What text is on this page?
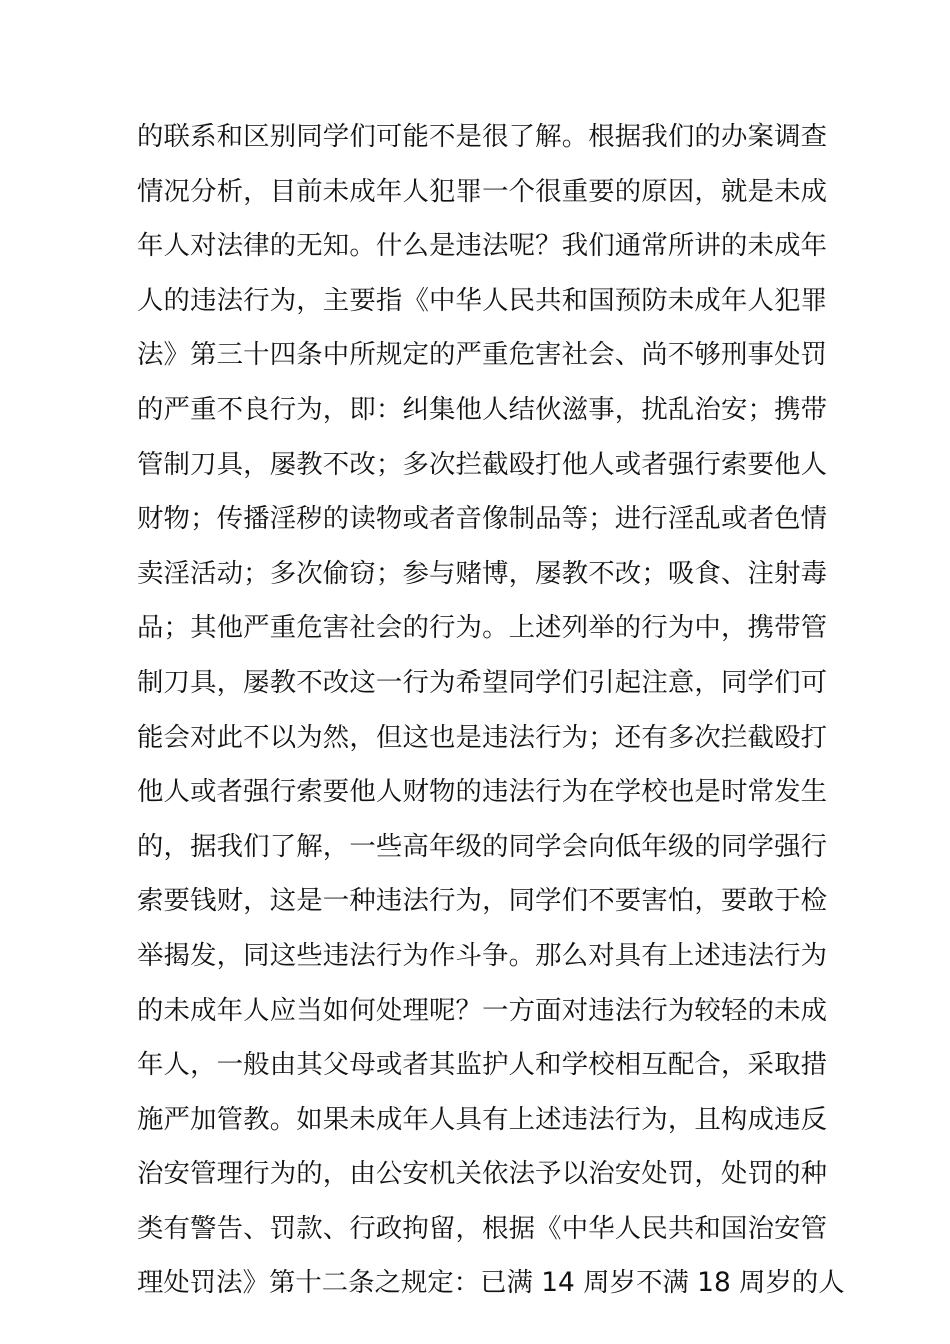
的联系和区别同学们可能不是很了解。根据我们的办案调查
情况分析，目前未成年人犯罪一个很重要的原因，就是未成
年人对法律的无知。什么是违法呢？我们通常所讲的未成年
人的违法行为，主要指《中华人民共和国预防未成年人犯罪
法》第三十四条中所规定的严重危害社会、尚不够刑事处罚
的严重不良行为，即：纠集他人结伙滋事，扰乱治安；携带
管制刀具，屡教不改；多次拦截殴打他人或者强行索要他人
财物；传播淫秽的读物或者音像制品等；进行淫乱或者色情
卖淫活动；多次偷窃；参与赌博，屡教不改；吸食、注射毒
品；其他严重危害社会的行为。上述列举的行为中，携带管
制刀具，屡教不改这一行为希望同学们引起注意，同学们可
能会对此不以为然，但这也是违法行为；还有多次拦截殴打
他人或者强行索要他人财物的违法行为在学校也是时常发生
的，据我们了解，一些高年级的同学会向低年级的同学强行
索要钱财，这是一种违法行为，同学们不要害怕，要敢于检
举揭发，同这些违法行为作斗争。那么对具有上述违法行为
的未成年人应当如何处理呢？一方面对违法行为较轻的未成
年人，一般由其父母或者其监护人和学校相互配合，采取措
施严加管教。如果未成年人具有上述违法行为，且构成违反
治安管理行为的，由公安机关依法予以治安处罚，处罚的种
类有警告、罚款、行政拘留，根据《中华人民共和国治安管
理处罚法》第十二条之规定：已满 14 周岁不满 18 周岁的人
